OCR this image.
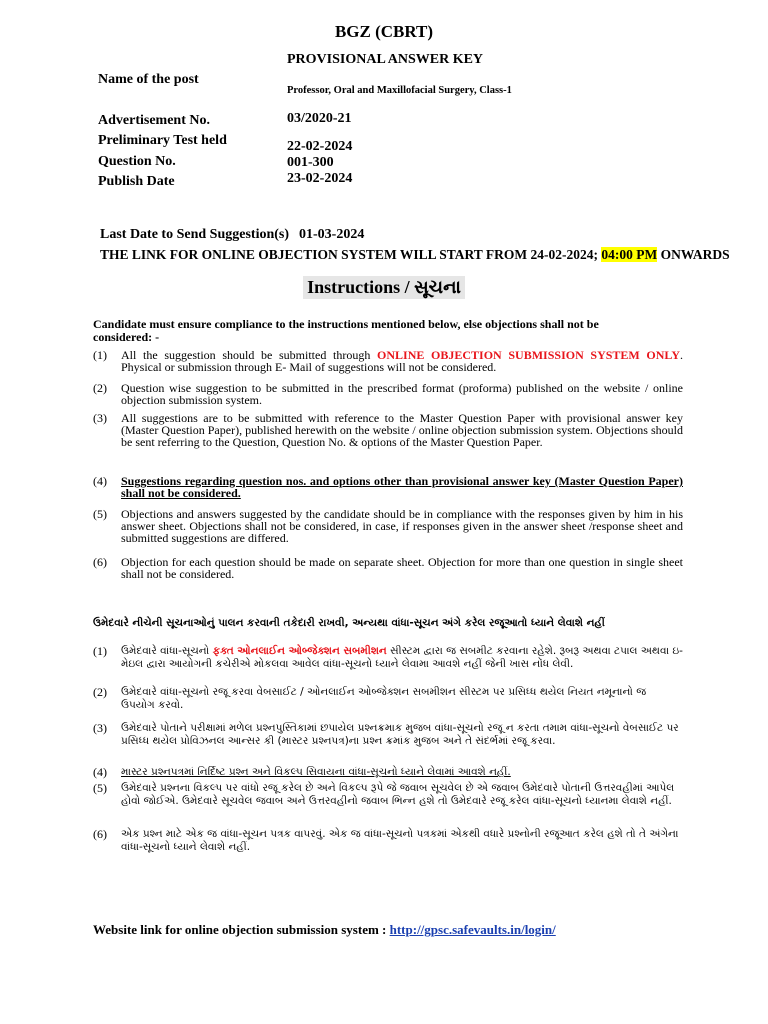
BGZ (CBRT)
PROVISIONAL ANSWER KEY
Name of the post
Professor, Oral and Maxillofacial Surgery, Class-1
Advertisement No.	03/2020-21
Preliminary Test held	22-02-2024
Question No.	001-300
Publish Date	23-02-2024
Last Date to Send Suggestion(s) 01-03-2024
THE LINK FOR ONLINE OBJECTION SYSTEM WILL START FROM 24-02-2024; 04:00 PM ONWARDS
Instructions / સૂચના
Candidate must ensure compliance to the instructions mentioned below, else objections shall not be considered: -
(1) All the suggestion should be submitted through ONLINE OBJECTION SUBMISSION SYSTEM ONLY. Physical or submission through E- Mail of suggestions will not be considered.
(2) Question wise suggestion to be submitted in the prescribed format (proforma) published on the website / online objection submission system.
(3) All suggestions are to be submitted with reference to the Master Question Paper with provisional answer key (Master Question Paper), published herewith on the website / online objection submission system. Objections should be sent referring to the Question, Question No. & options of the Master Question Paper.
(4) Suggestions regarding question nos. and options other than provisional answer key (Master Question Paper) shall not be considered.
(5) Objections and answers suggested by the candidate should be in compliance with the responses given by him in his answer sheet. Objections shall not be considered, in case, if responses given in the answer sheet /response sheet and submitted suggestions are differed.
(6) Objection for each question should be made on separate sheet. Objection for more than one question in single sheet shall not be considered.
ઉમેદવારે નીચેની સૂચનાઓનું પાલન કરવાની તકેદારી રાખવી, અન્યથા વાંધા-સૂચન અંગે કરેલ રજૂઆતો ધ્યાને લેવાશે નહીં
(1) ઉમેદવારે વાંધા-સૂચનો ફક્ત ઓનલાઈન ઓબ્જેક્શન સબમીશન સીસ્ટમ દ્વારા જ સબમીટ કરવાના રહેશે. રૂબરૂ અથવા ટપાલ અથવા ઇ- મેઇલ દ્વારા આયોગની કચેરીએ મોકલવા આવેલ વાંધા-સૂચનો ધ્યાને લેવામા આવશે નહીં જેની ખાસ નોંધ લેવી.
(2) ઉમેદવારે વાંધા-સૂચનો રજૂ કરવા વેબસાઈટ / ઓનલાઈન ઓબ્જેક્શન સબમીશન સીસ્ટમ પર પ્રસિધ્ધ થયેલ નિયત નમૂનાનો જ ઉપયોગ કરવો.
(3) ઉમેદવારે પોતાને પરીક્ષામાં મળેલ પ્રશ્નપુસ્તિકામાં છપાયેલ પ્રશ્નક્રમાક મુજબ વાંધા-સૂચનો રજૂ ન કરતા તમામ વાંધા-સૂચનો વેબસાઈટ પર પ્રસિધ્ધ થયેલ પ્રોવિઝનલ આન્સર કી (માસ્ટર પ્રશ્નપત્ર)ના પ્રશ્ન ક્રમાંક મુજબ અને તે સંદર્ભમાં રજૂ કરવા.
(4) માસ્ટર પ્રશ્નપત્રમાં નિર્દિષ્ટ પ્રશ્ન અને વિકલ્પ સિવાયના વાંધા-સૂચનો ધ્યાને લેવામાં આવશે નહીં.
(5) ઉમેદવારે પ્રશ્નના વિકલ્પ પર વાંધો રજૂ કરેલ છે અને વિકલ્પ રૂપે જે જવાબ સૂચવેલ છે એ જવાબ ઉમેદવારે પોતાની ઉત્તરવહીમાં આપેલ હોવો જોઈએ. ઉમેદવારે સૂચવેલ જવાબ અને ઉત્તરવહીનો જવાબ ભિન્ન હશે તો ઉમેદવારે રજૂ કરેલ વાંધા-સૂચનો ધ્યાનમા લેવાશે નહીં.
(6) એક પ્રશ્ન માટે એક જ વાંધા-સૂચન પત્રક વાપરવું. એક જ વાંધા-સૂચનો પત્રકમાં એકથી વધારે પ્રશ્નોની રજૂઆત કરેલ હશે તો તે અંગેના વાંધા-સૂચનો ધ્યાને લેવાશે નહીં.
Website link for online objection submission system : http://gpsc.safevaults.in/login/
